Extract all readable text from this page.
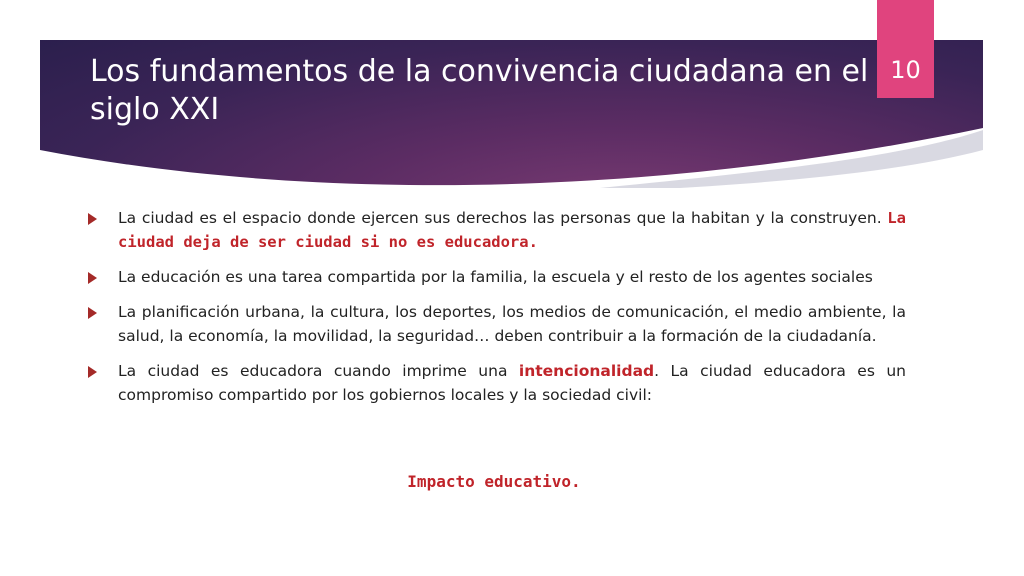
Los fundamentos de la convivencia ciudadana en el siglo XXI
10
La ciudad es el espacio donde ejercen sus derechos las personas que la habitan y la construyen. La ciudad deja de ser ciudad si no es educadora.
La educación es una tarea compartida por la familia, la escuela y el resto de los agentes sociales
La planificación urbana, la cultura, los deportes, los medios de comunicación, el medio ambiente, la salud, la economía, la movilidad, la seguridad… deben contribuir a la formación de la ciudadanía.
La ciudad es educadora cuando imprime una intencionalidad. La ciudad educadora es un compromiso compartido por los gobiernos locales y la sociedad civil:

Impacto educativo.
